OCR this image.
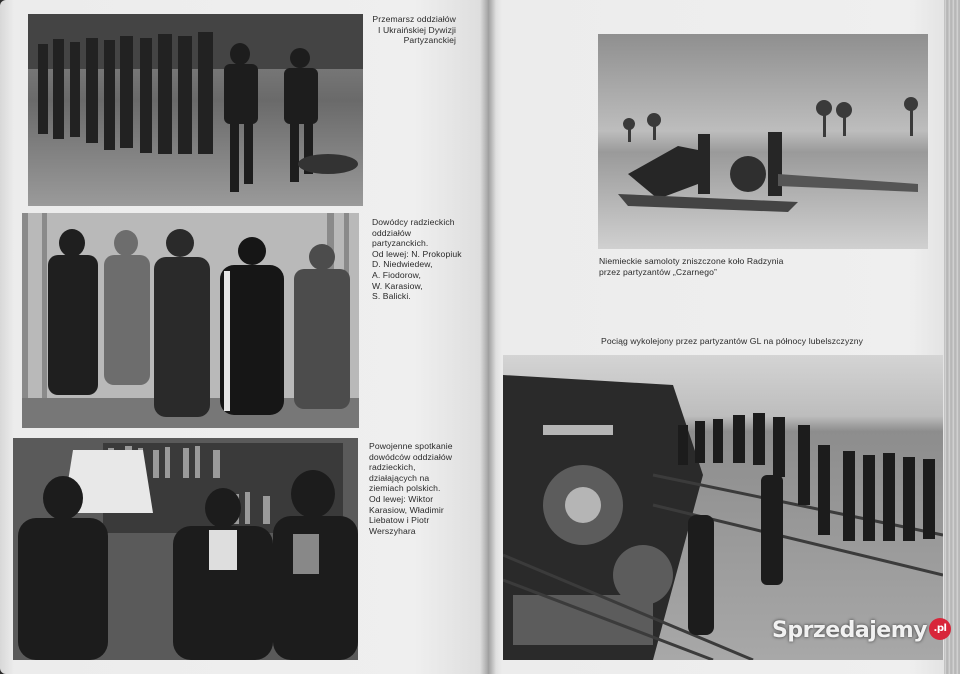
Przemarsz oddziałów
I Ukraińskiej Dywizji
Partyzanckiej
Dowódcy radzieckich
oddziałów
partyzanckich.
Od lewej: N. Prokopiuk
D. Niedwiedew,
A. Fiodorow,
W. Karasiow,
S. Balicki.
Powojenne spotkanie
dowódców oddziałów
radzieckich,
działających na
ziemiach polskich.
Od lewej: Wiktor
Karasiow, Władimir
Liebatow i Piotr
Werszyhara
Niemieckie samoloty zniszczone koło Radzynia
przez partyzantów „Czarnego”
Pociąg wykolejony przez partyzantów GL na północy lubelszczyzny
Sprzedajemy .pl
